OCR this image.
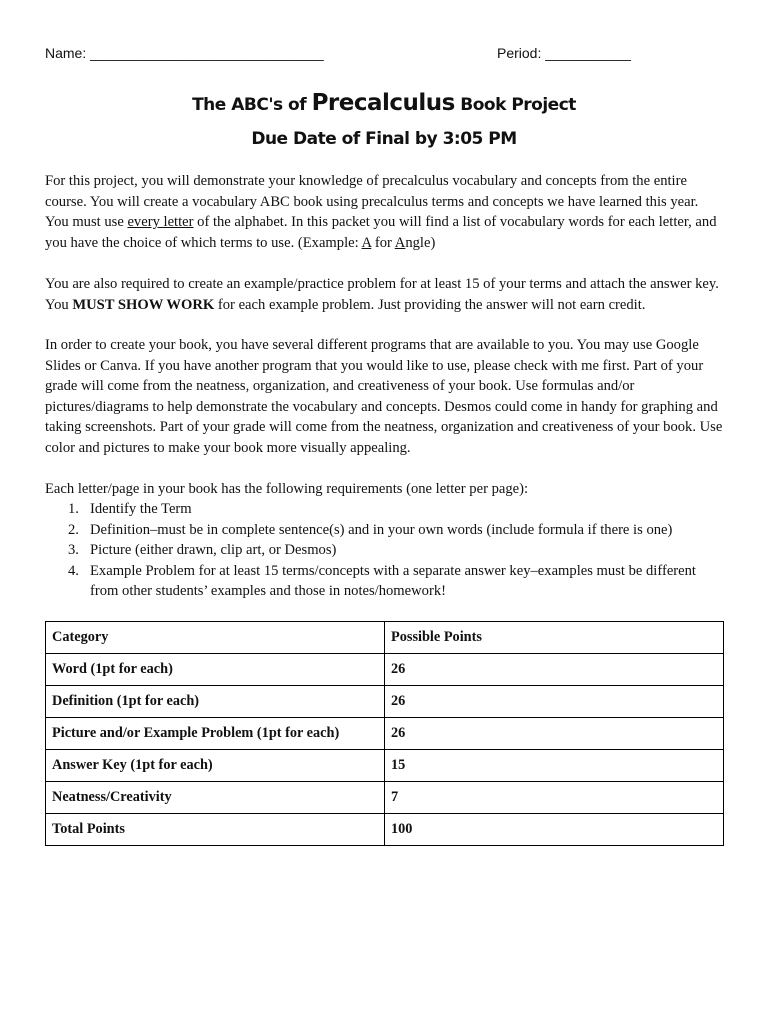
Name: ______________________________	Period: ___________
The ABC's of Precalculus Book Project
Due Date of Final by 3:05 PM

For this project, you will demonstrate your knowledge of precalculus vocabulary and concepts from the entire course. You will create a vocabulary ABC book using precalculus terms and concepts we have learned this year. You must use every letter of the alphabet. In this packet you will find a list of vocabulary words for each letter, and you have the choice of which terms to use. (Example: A for Angle)

You are also required to create an example/practice problem for at least 15 of your terms and attach the answer key. You MUST SHOW WORK for each example problem. Just providing the answer will not earn credit.

In order to create your book, you have several different programs that are available to you. You may use Google Slides or Canva. If you have another program that you would like to use, please check with me first. Part of your grade will come from the neatness, organization, and creativeness of your book. Use formulas and/or pictures/diagrams to help demonstrate the vocabulary and concepts. Desmos could come in handy for graphing and taking screenshots. Part of your grade will come from the neatness, organization and creativeness of your book. Use color and pictures to make your book more visually appealing.

Each letter/page in your book has the following requirements (one letter per page):

1. Identify the Term
2. Definition–must be in complete sentence(s) and in your own words (include formula if there is one)
3. Picture (either drawn, clip art, or Desmos)
4. Example Problem for at least 15 terms/concepts with a separate answer key–examples must be different from other students’ examples and those in notes/homework!
Category	Possible Points
Word (1pt for each)	26
Definition (1pt for each)	26
Picture and/or Example Problem (1pt for each)	26
Answer Key (1pt for each)	15
Neatness/Creativity	7
Total Points	100
